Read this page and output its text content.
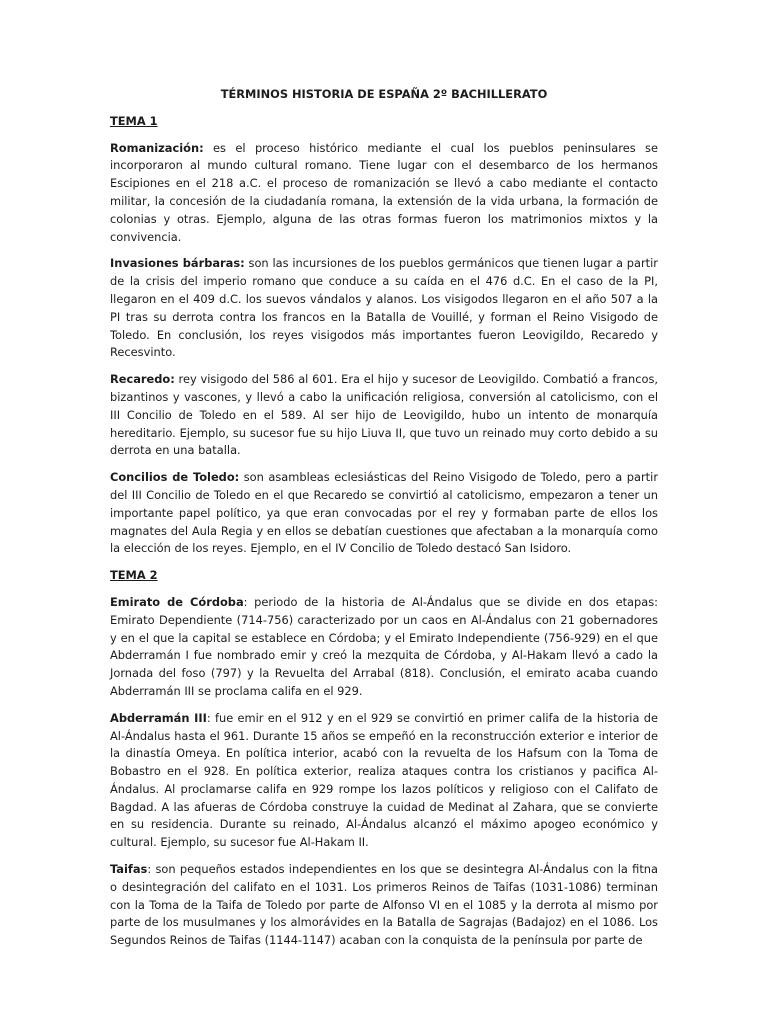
TÉRMINOS HISTORIA DE ESPAÑA 2º BACHILLERATO

TEMA 1

Romanización: es el proceso histórico mediante el cual los pueblos peninsulares se incorporaron al mundo cultural romano. Tiene lugar con el desembarco de los hermanos Escipiones en el 218 a.C. el proceso de romanización se llevó a cabo mediante el contacto militar, la concesión de la ciudadanía romana, la extensión de la vida urbana, la formación de colonias y otras. Ejemplo, alguna de las otras formas fueron los matrimonios mixtos y la convivencia.

Invasiones bárbaras: son las incursiones de los pueblos germánicos que tienen lugar a partir de la crisis del imperio romano que conduce a su caída en el 476 d.C. En el caso de la PI, llegaron en el 409 d.C. los suevos vándalos y alanos. Los visigodos llegaron en el año 507 a la PI tras su derrota contra los francos en la Batalla de Vouillé, y forman el Reino Visigodo de Toledo. En conclusión, los reyes visigodos más importantes fueron Leovigildo, Recaredo y Recesvinto.

Recaredo: rey visigodo del 586 al 601. Era el hijo y sucesor de Leovigildo. Combatió a francos, bizantinos y vascones, y llevó a cabo la unificación religiosa, conversión al catolicismo, con el III Concilio de Toledo en el 589. Al ser hijo de Leovigildo, hubo un intento de monarquía hereditario. Ejemplo, su sucesor fue su hijo Liuva II, que tuvo un reinado muy corto debido a su derrota en una batalla.

Concilios de Toledo: son asambleas eclesiásticas del Reino Visigodo de Toledo, pero a partir del III Concilio de Toledo en el que Recaredo se convirtió al catolicismo, empezaron a tener un importante papel político, ya que eran convocadas por el rey y formaban parte de ellos los magnates del Aula Regia y en ellos se debatían cuestiones que afectaban a la monarquía como la elección de los reyes. Ejemplo, en el IV Concilio de Toledo destacó San Isidoro.

TEMA 2

Emirato de Córdoba: periodo de la historia de Al-Ándalus que se divide en dos etapas: Emirato Dependiente (714-756) caracterizado por un caos en Al-Ándalus con 21 gobernadores y en el que la capital se establece en Córdoba; y el Emirato Independiente (756-929) en el que Abderramán I fue nombrado emir y creó la mezquita de Córdoba, y Al-Hakam llevó a cado la Jornada del foso (797) y la Revuelta del Arrabal (818). Conclusión, el emirato acaba cuando Abderramán III se proclama califa en el 929.

Abderramán III: fue emir en el 912 y en el 929 se convirtió en primer califa de la historia de Al-Ándalus hasta el 961. Durante 15 años se empeñó en la reconstrucción exterior e interior de la dinastía Omeya. En política interior, acabó con la revuelta de los Hafsum con la Toma de Bobastro en el 928. En política exterior, realiza ataques contra los cristianos y pacifica Al-Ándalus. Al proclamarse califa en 929 rompe los lazos políticos y religioso con el Califato de Bagdad. A las afueras de Córdoba construye la cuidad de Medinat al Zahara, que se convierte en su residencia. Durante su reinado, Al-Ándalus alcanzó el máximo apogeo económico y cultural. Ejemplo, su sucesor fue Al-Hakam II.

Taifas: son pequeños estados independientes en los que se desintegra Al-Ándalus con la fitna o desintegración del califato en el 1031. Los primeros Reinos de Taifas (1031-1086) terminan con la Toma de la Taifa de Toledo por parte de Alfonso VI en el 1085 y la derrota al mismo por parte de los musulmanes y los almorávides en la Batalla de Sagrajas (Badajoz) en el 1086. Los Segundos Reinos de Taifas (1144-1147) acaban con la conquista de la península por parte de
